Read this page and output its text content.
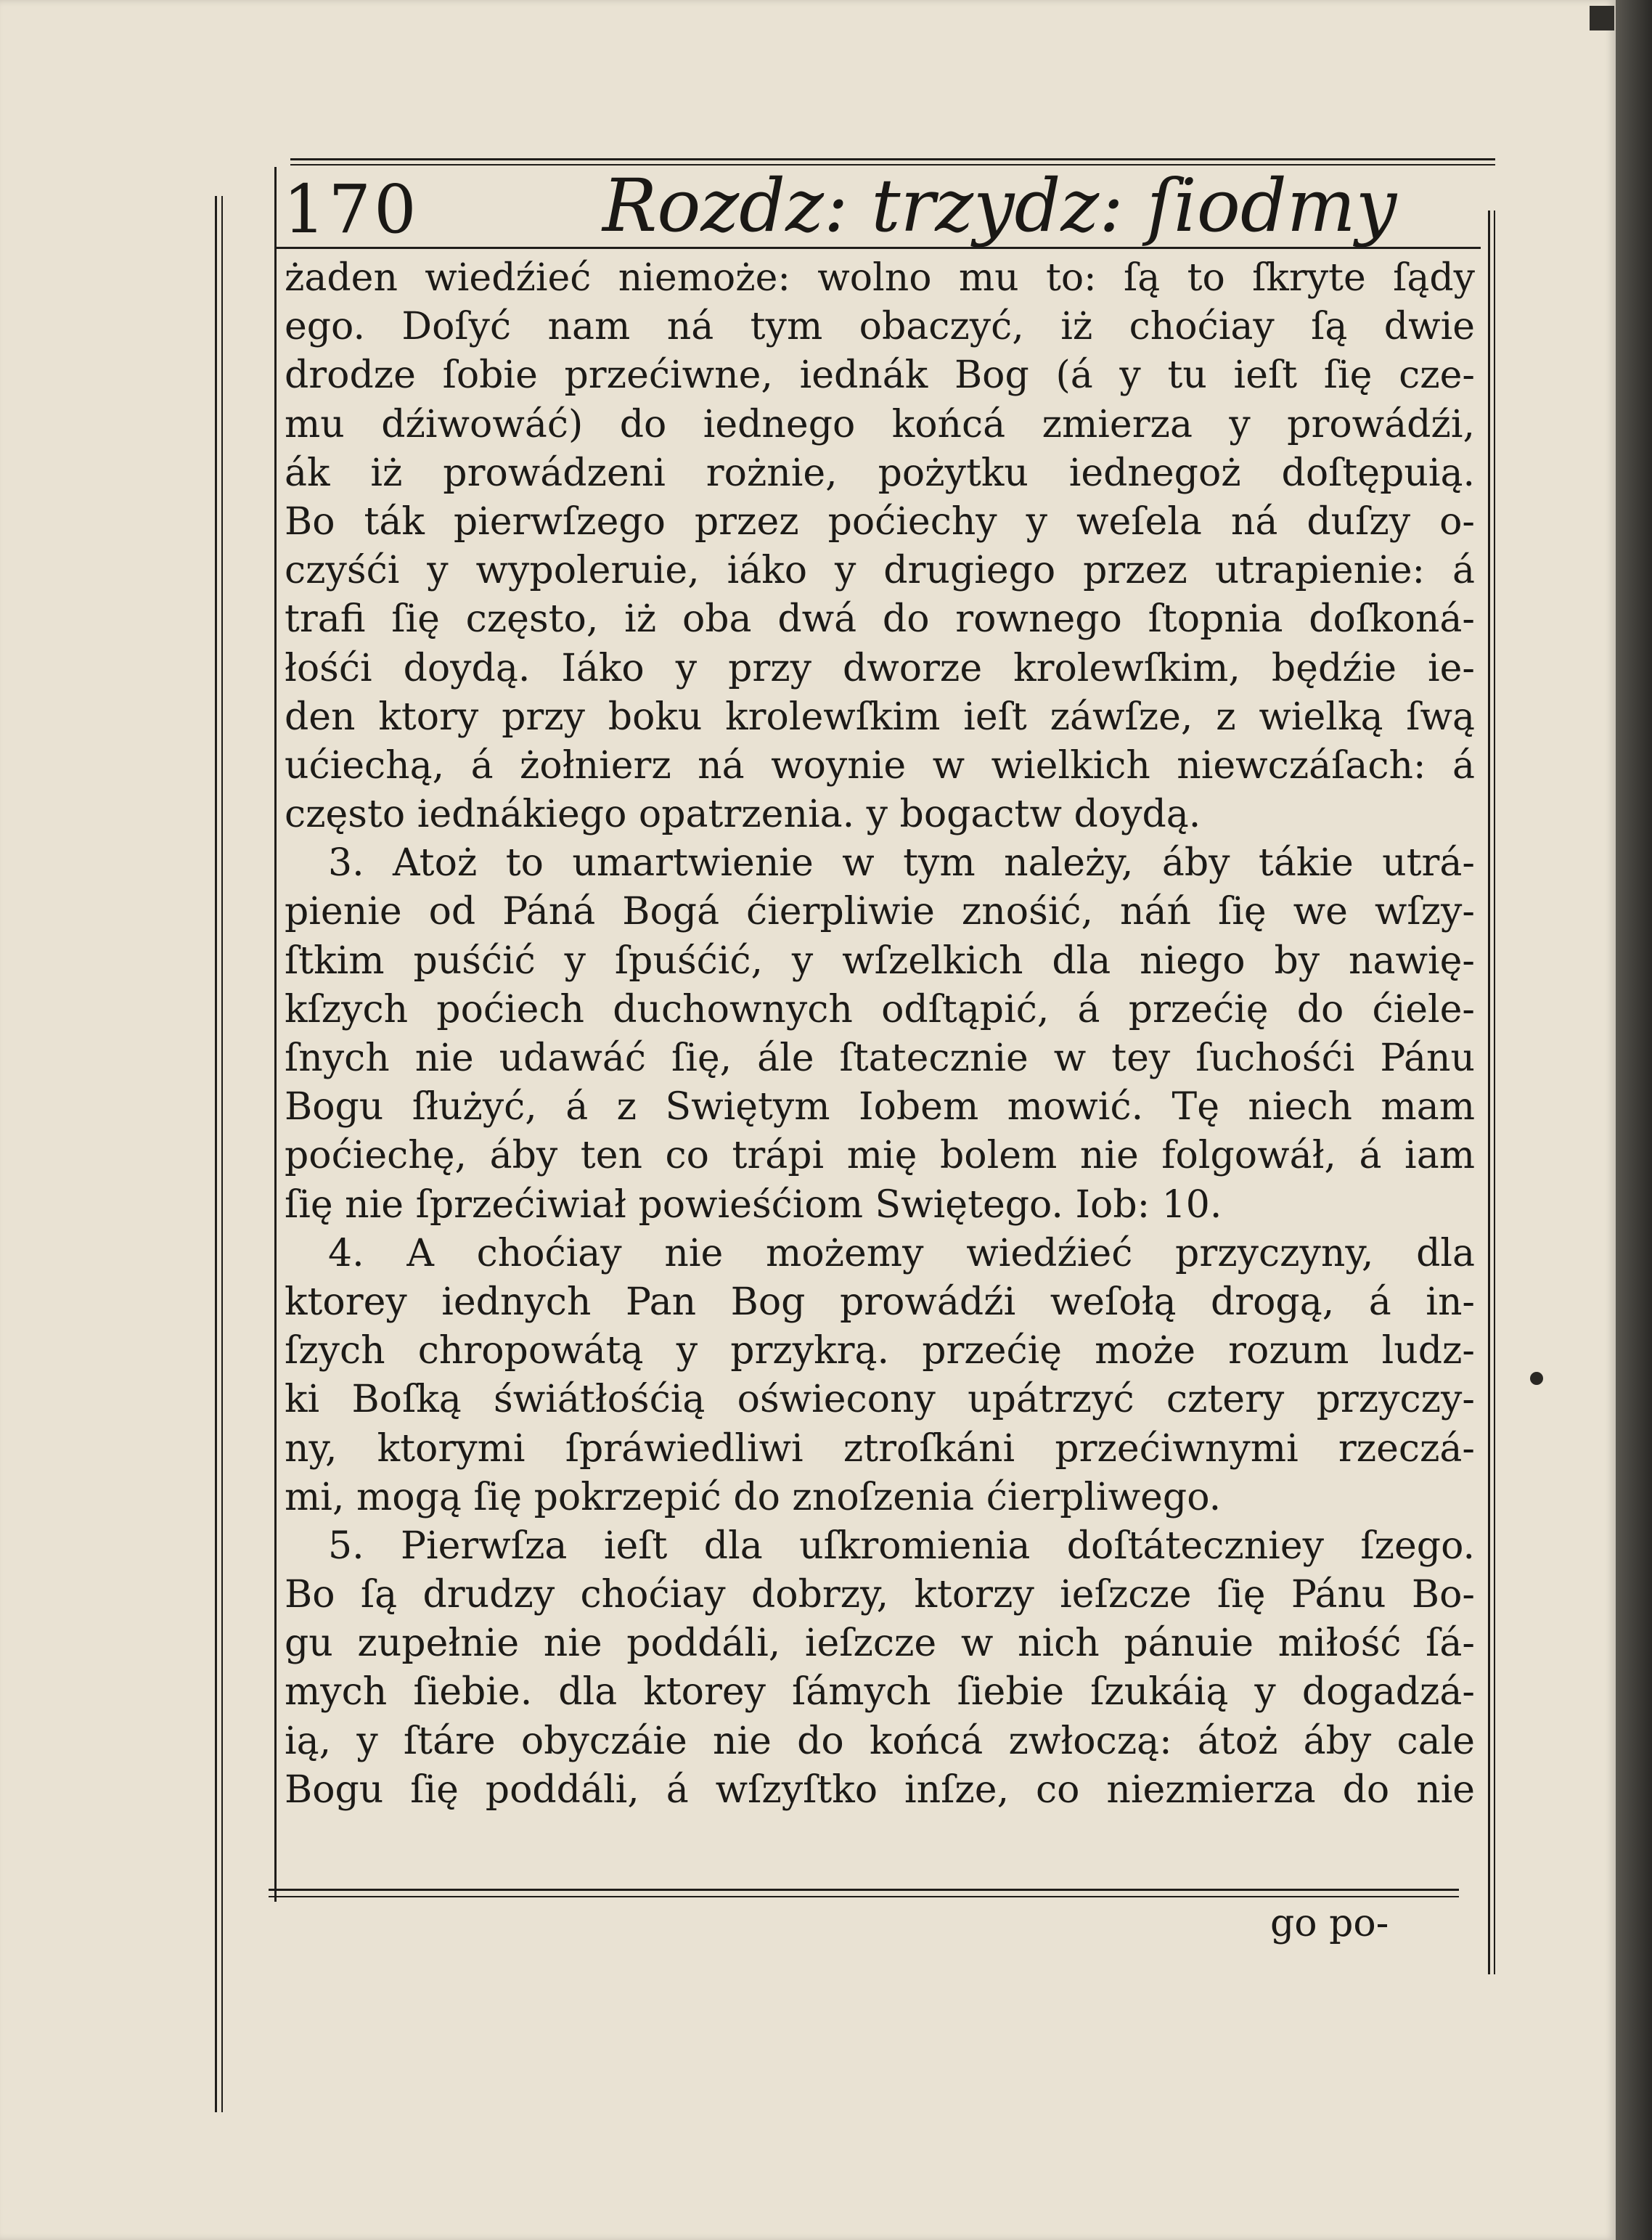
170	Rozdz: trzydz: ſiodmy
żaden wiedźieć niemoże: wolno mu to: ſą to ſkryte ſądy
ego. Doſyć nam ná tym obaczyć, iż choćiay ſą dwie
drodze ſobie przećiwne, iednák Bog (á y tu ieſt ſię cze-
mu dźiwowáć) do iednego końcá zmierza y prowádźi,
ák iż prowádzeni rożnie, pożytku iednegoż doſtępuią.
Bo ták pierwſzego przez poćiechy y weſela ná duſzy o-
czyśći y wypoleruie, iáko y drugiego przez utrapienie: á
trafi ſię często, iż oba dwá do rownego ſtopnia doſkoná-
łośći doydą. Iáko y przy dworze krolewſkim, będźie ie-
den ktory przy boku krolewſkim ieſt záwſze, z wielką ſwą
ućiechą, á żołnierz ná woynie w wielkich niewczáſach: á
często iednákiego opatrzenia. y bogactw doydą.
3. Atoż to umartwienie w tym należy, áby tákie utrá-
pienie od Páná Bogá ćierpliwie znośić, náń ſię we wſzy-
ſtkim puśćić y ſpuśćić, y wſzelkich dla niego by nawię-
kſzych poćiech duchownych odſtąpić, á przećię do ćiele-
ſnych nie udawáć ſię, ále ſtatecznie w tey ſuchośći Pánu
Bogu ſłużyć, á z Swiętym Iobem mowić. Tę niech mam
poćiechę, áby ten co trápi mię bolem nie folgowáł, á iam
ſię nie ſprzećiwiał powieśćiom Swiętego. Iob: 10.
4. A choćiay nie możemy wiedźieć przyczyny, dla
ktorey iednych Pan Bog prowádźi weſołą drogą, á in-
ſzych chropowátą y przykrą. przećię może rozum ludz-
ki Boſką świátłośćią oświecony upátrzyć cztery przyczy-
ny, ktorymi ſpráwiedliwi ztroſkáni przećiwnymi rzeczá-
mi, mogą ſię pokrzepić do znoſzenia ćierpliwego.
5. Pierwſza ieſt dla uſkromienia doſtáteczniey ſzego.
Bo ſą drudzy choćiay dobrzy, ktorzy ieſzcze ſię Pánu Bo-
gu zupełnie nie poddáli, ieſzcze w nich pánuie miłość ſá-
mych ſiebie. dla ktorey ſámych ſiebie ſzukáią y dogadzá-
ią, y ſtáre obyczáie nie do końcá zwłoczą: átoż áby cale
Bogu ſię poddáli, á wſzyſtko inſze, co niezmierza do nie
go po-
